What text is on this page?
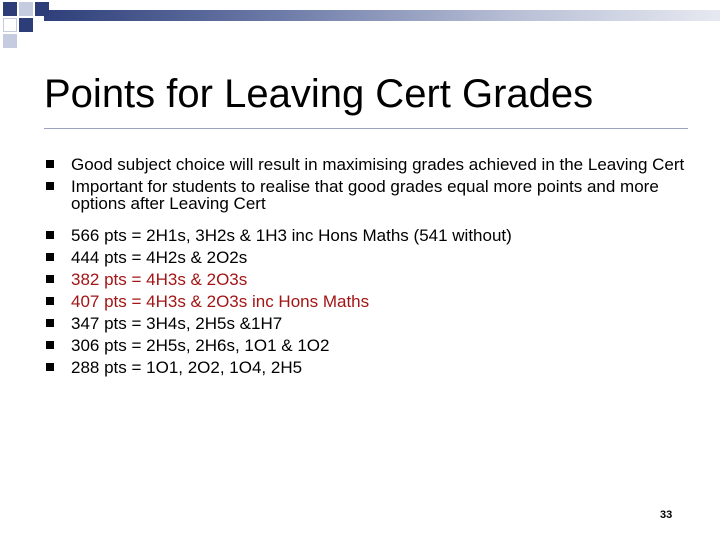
Points for Leaving Cert Grades
Good subject choice will result in maximising grades achieved in the Leaving Cert
Important for students to realise that good grades equal more points and more options after Leaving Cert
566 pts = 2H1s, 3H2s & 1H3 inc Hons Maths (541 without)
444 pts = 4H2s & 2O2s
382 pts = 4H3s & 2O3s
407 pts = 4H3s & 2O3s inc Hons Maths
347 pts = 3H4s, 2H5s &1H7
306 pts = 2H5s, 2H6s, 1O1 & 1O2
288 pts = 1O1, 2O2, 1O4, 2H5
33
